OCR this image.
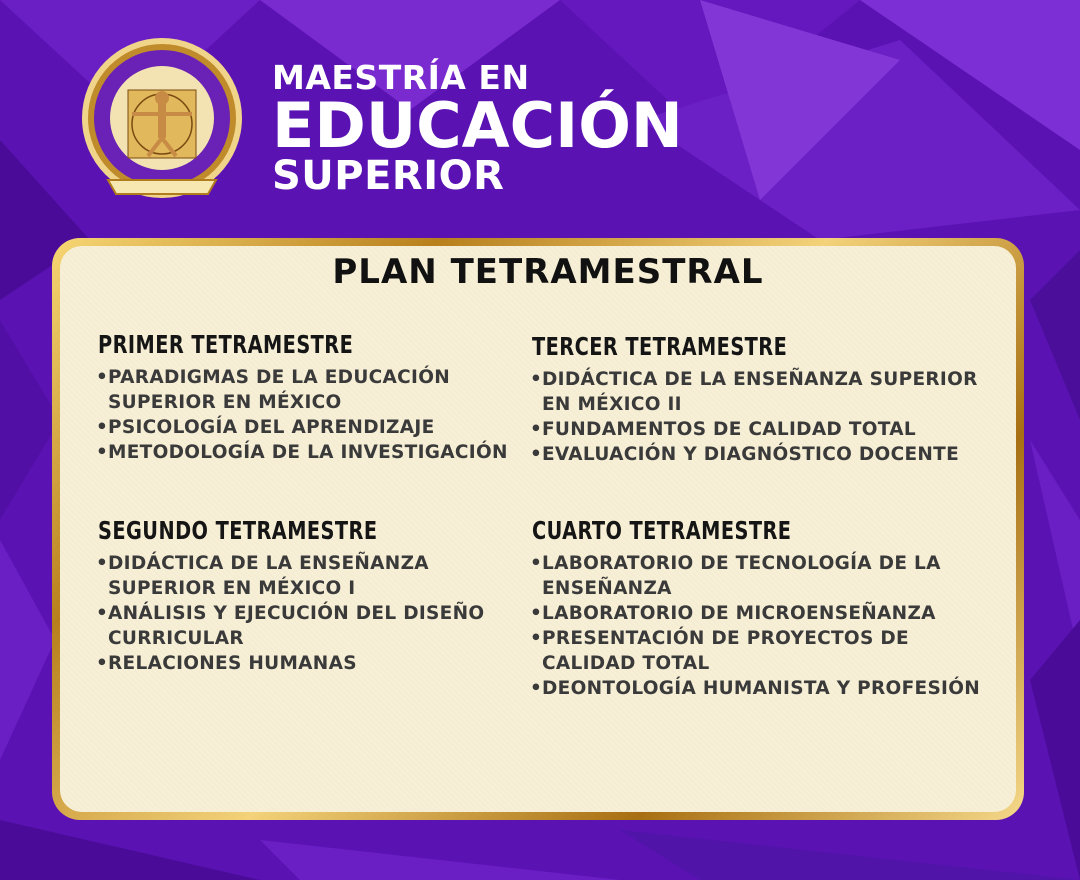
MAESTRÍA EN
EDUCACIÓN
SUPERIOR
PLAN TETRAMESTRAL
PRIMER TETRAMESTRE
• PARADIGMAS DE LA EDUCACIÓN SUPERIOR EN MÉXICO
• PSICOLOGÍA DEL APRENDIZAJE
• METODOLOGÍA DE LA INVESTIGACIÓN
TERCER TETRAMESTRE
• DIDÁCTICA DE LA ENSEÑANZA SUPERIOR EN MÉXICO II
• FUNDAMENTOS DE CALIDAD TOTAL
• EVALUACIÓN Y DIAGNÓSTICO DOCENTE
SEGUNDO TETRAMESTRE
• DIDÁCTICA DE LA ENSEÑANZA SUPERIOR EN MÉXICO I
• ANÁLISIS Y EJECUCIÓN DEL DISEÑO CURRICULAR
• RELACIONES HUMANAS
CUARTO TETRAMESTRE
• LABORATORIO DE TECNOLOGÍA DE LA ENSEÑANZA
• LABORATORIO DE MICROENSEÑANZA
• PRESENTACIÓN DE PROYECTOS DE CALIDAD TOTAL
• DEONTOLOGÍA HUMANISTA Y PROFESIÓN
